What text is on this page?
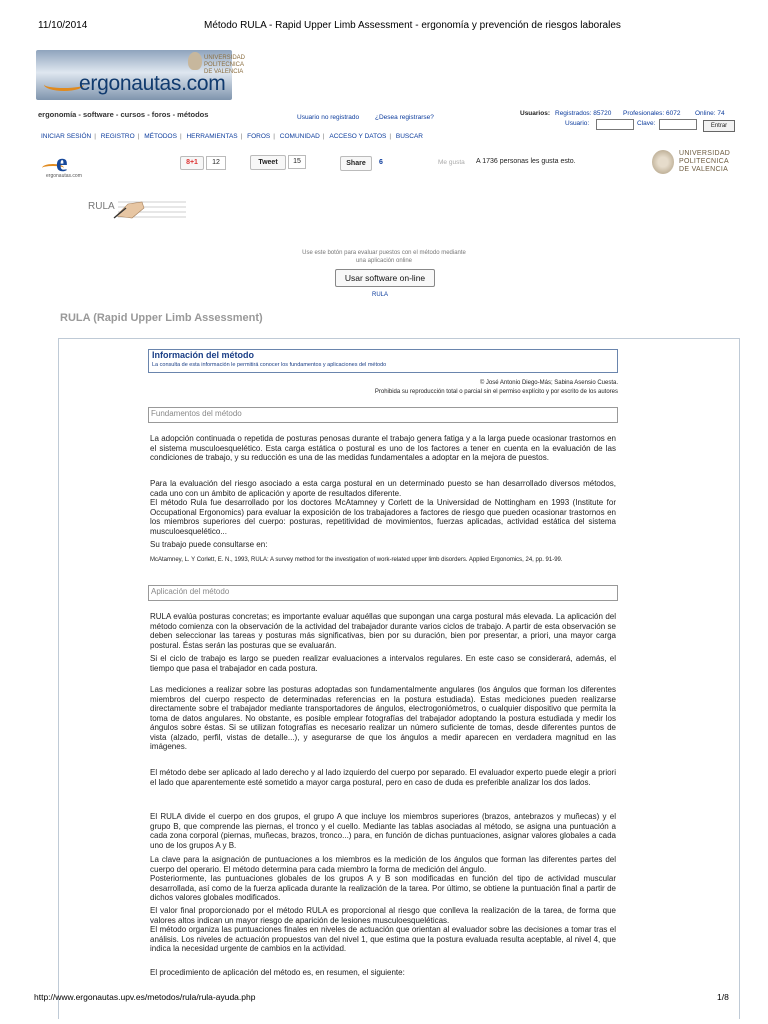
11/10/2014	Método RULA - Rapid Upper Limb Assessment - ergonomía y prevención de riesgos laborales
ergonautas.com
UNIVERSIDAD
POLITECNICA
DE VALENCIA
ergonomía - software - cursos - foros - métodos	Usuario no registrado ¿Desea registrarse?
Usuarios: Registrados: 85720 Profesionales: 6072 Online: 74
Usuario:	Clave:	Entrar
INICIAR SESIÓN | REGISTRO | MÉTODOS | HERRAMIENTAS | FOROS | COMUNIDAD | ACCESO Y DATOS | BUSCAR
e
ergonautas.com
8+1	12	Tweet	15	Share	6	Me gusta A 1736 personas les gusta esto.
UNIVERSIDAD
POLITECNICA
DE VALENCIA
RULA
Use este botón para evaluar puestos con el método mediante
una aplicación online
Usar software on-line
RULA
RULA (Rapid Upper Limb Assessment)
Información del método
La consulta de esta información le permitirá conocer los fundamentos y aplicaciones del método
© José Antonio Diego-Más; Sabina Asensio Cuesta.
Prohibida su reproducción total o parcial sin el permiso explícito y por escrito de los autores
Fundamentos del método
La adopción continuada o repetida de posturas penosas durante el trabajo genera fatiga y a la larga puede ocasionar trastornos en el sistema musculoesquelético. Esta carga estática o postural es uno de los factores a tener en cuenta en la evaluación de las condiciones de trabajo, y su reducción es una de las medidas fundamentales a adoptar en la mejora de puestos.
Para la evaluación del riesgo asociado a esta carga postural en un determinado puesto se han desarrollado diversos métodos, cada uno con un ámbito de aplicación y aporte de resultados diferente.
El método Rula fue desarrollado por los doctores McAtamney y Corlett de la Universidad de Nottingham en 1993 (Institute for Occupational Ergonomics) para evaluar la exposición de los trabajadores a factores de riesgo que pueden ocasionar trastornos en los miembros superiores del cuerpo: posturas, repetitividad de movimientos, fuerzas aplicadas, actividad estática del sistema musculoesquelético...
Su trabajo puede consultarse en:
McAtamney, L. Y Corlett, E. N., 1993, RULA: A survey method for the investigation of work-related upper limb disorders. Applied Ergonomics, 24, pp. 91-99.
Aplicación del método
RULA evalúa posturas concretas; es importante evaluar aquéllas que supongan una carga postural más elevada. La aplicación del método comienza con la observación de la actividad del trabajador durante varios ciclos de trabajo. A partir de esta observación se deben seleccionar las tareas y posturas más significativas, bien por su duración, bien por presentar, a priori, una mayor carga postural. Éstas serán las posturas que se evaluarán.
Si el ciclo de trabajo es largo se pueden realizar evaluaciones a intervalos regulares. En este caso se considerará, además, el tiempo que pasa el trabajador en cada postura.
Las mediciones a realizar sobre las posturas adoptadas son fundamentalmente angulares (los ángulos que forman los diferentes miembros del cuerpo respecto de determinadas referencias en la postura estudiada). Estas mediciones pueden realizarse directamente sobre el trabajador mediante transportadores de ángulos, electrogoniómetros, o cualquier dispositivo que permita la toma de datos angulares. No obstante, es posible emplear fotografías del trabajador adoptando la postura estudiada y medir los ángulos sobre éstas. Si se utilizan fotografías es necesario realizar un número suficiente de tomas, desde diferentes puntos de vista (alzado, perfil, vistas de detalle...), y asegurarse de que los ángulos a medir aparecen en verdadera magnitud en las imágenes.
El método debe ser aplicado al lado derecho y al lado izquierdo del cuerpo por separado. El evaluador experto puede elegir a priori el lado que aparentemente esté sometido a mayor carga postural, pero en caso de duda es preferible analizar los dos lados.
El RULA divide el cuerpo en dos grupos, el grupo A que incluye los miembros superiores (brazos, antebrazos y muñecas) y el grupo B, que comprende las piernas, el tronco y el cuello. Mediante las tablas asociadas al método, se asigna una puntuación a cada zona corporal (piernas, muñecas, brazos, tronco...) para, en función de dichas puntuaciones, asignar valores globales a cada uno de los grupos A y B.
La clave para la asignación de puntuaciones a los miembros es la medición de los ángulos que forman las diferentes partes del cuerpo del operario. El método determina para cada miembro la forma de medición del ángulo.
Posteriormente, las puntuaciones globales de los grupos A y B son modificadas en función del tipo de actividad muscular desarrollada, así como de la fuerza aplicada durante la realización de la tarea. Por último, se obtiene la puntuación final a partir de dichos valores globales modificados.
El valor final proporcionado por el método RULA es proporcional al riesgo que conlleva la realización de la tarea, de forma que valores altos indican un mayor riesgo de aparición de lesiones musculoesqueléticas.
El método organiza las puntuaciones finales en niveles de actuación que orientan al evaluador sobre las decisiones a tomar tras el análisis. Los niveles de actuación propuestos van del nivel 1, que estima que la postura evaluada resulta aceptable, al nivel 4, que indica la necesidad urgente de cambios en la actividad.
El procedimiento de aplicación del método es, en resumen, el siguiente:
http://www.ergonautas.upv.es/metodos/rula/rula-ayuda.php	1/8
